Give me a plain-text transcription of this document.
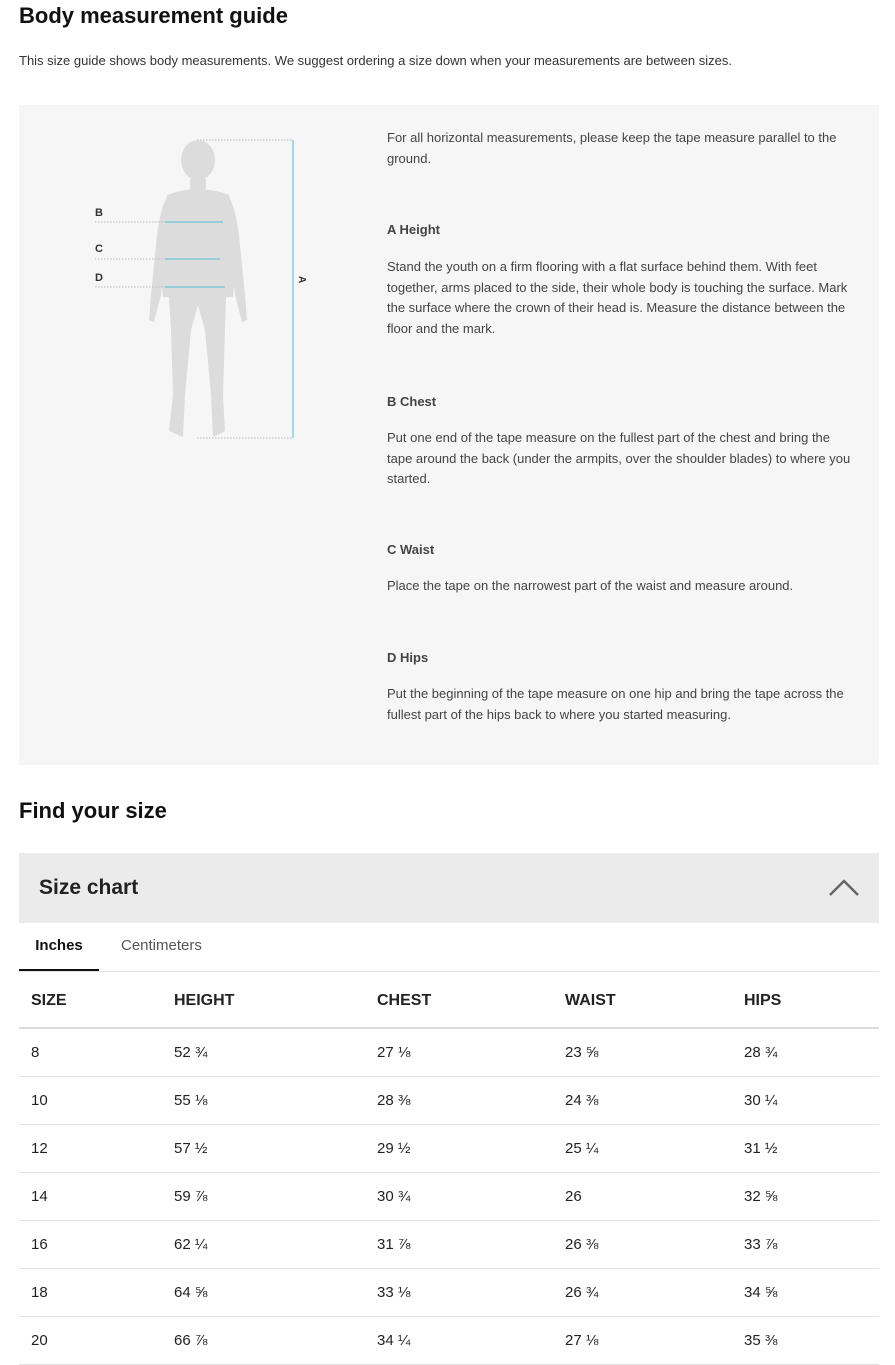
Body measurement guide

This size guide shows body measurements. We suggest ordering a size down when your measurements are between sizes.

B
C
D	A

For all horizontal measurements, please keep the tape measure parallel to the ground.

A Height

Stand the youth on a firm flooring with a flat surface behind them. With feet together, arms placed to the side, their whole body is touching the surface. Mark the surface where the crown of their head is. Measure the distance between the floor and the mark.

B Chest

Put one end of the tape measure on the fullest part of the chest and bring the tape around the back (under the armpits, over the shoulder blades) to where you started.

C Waist

Place the tape on the narrowest part of the waist and measure around.

D Hips

Put the beginning of the tape measure on one hip and bring the tape across the fullest part of the hips back to where you started measuring.

Find your size
Size chart
Inches	Centimeters
SIZE	HEIGHT	CHEST	WAIST	HIPS
8	52 ¾	27 ⅛	23 ⅝	28 ¾
10	55 ⅛	28 ⅜	24 ⅜	30 ¼
12	57 ½	29 ½	25 ¼	31 ½
14	59 ⅞	30 ¾	26	32 ⅝
16	62 ¼	31 ⅞	26 ⅜	33 ⅞
18	64 ⅝	33 ⅛	26 ¾	34 ⅝
20	66 ⅞	34 ¼	27 ⅛	35 ⅜
